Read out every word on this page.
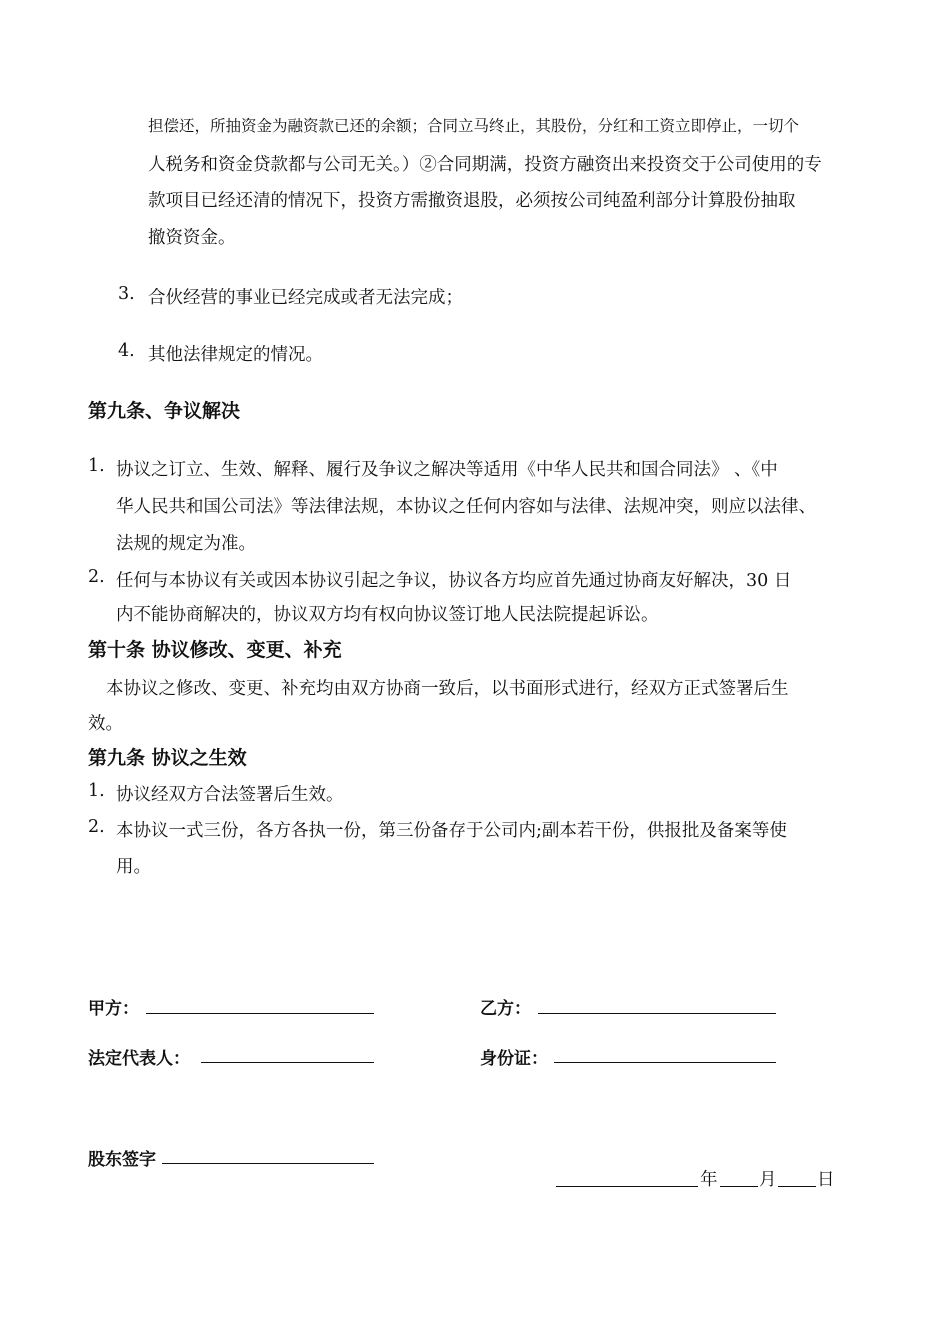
担偿还，所抽资金为融资款已还的余额；合同立马终止，其股份，分红和工资立即停止，一切个
人税务和资金贷款都与公司无关。）②合同期满，投资方融资出来投资交于公司使用的专
款项目已经还清的情况下，投资方需撤资退股，必须按公司纯盈利部分计算股份抽取
撤资资金。
3. 合伙经营的事业已经完成或者无法完成；
4. 其他法律规定的情况。
第九条、争议解决
1. 协议之订立、生效、解释、履行及争议之解决等适用《中华人民共和国合同法》 、《中
华人民共和国公司法》等法律法规，本协议之任何内容如与法律、法规冲突，则应以法律、
法规的规定为准。
2. 任何与本协议有关或因本协议引起之争议，协议各方均应首先通过协商友好解决，30 日
内不能协商解决的，协议双方均有权向协议签订地人民法院提起诉讼。
第十条 协议修改、变更、补充
本协议之修改、变更、补充均由双方协商一致后，以书面形式进行，经双方正式签署后生
效。
第九条 协议之生效
1. 协议经双方合法签署后生效。
2. 本协议一式三份，各方各执一份，第三份备存于公司内;副本若干份，供报批及备案等使
用。
甲方：	乙方：
法定代表人：	身份证：
股东签字
年 月 日
